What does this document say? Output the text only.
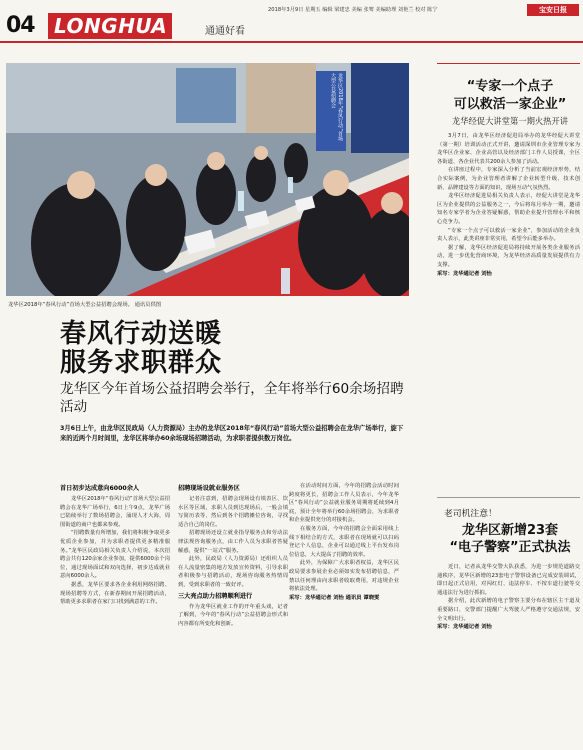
04 LONGHUA	通通好看
2018年3月9日 星期五 编辑 梁建忠 美编 张骞 美编助理 刘艳兰 校对 陈宁	宝安日报
龙华区2018年“春风行动”首场大型公益招聘会
龙华区2018年“春风行动”首场大型公益招聘会现场。 通讯员供图
春风行动送暖
服务求职群众
龙华区今年首场公益招聘会举行，全年将举行60余场招聘活动
3月6日上午，由龙华区民政局（人力资源局）主办的龙华区2018年“春风行动”首场大型公益招聘会在龙华广场举行，旋下来的近两个月时间里，龙华区将举办60余场现场招聘活动，为求职者提供数万岗位。
首日初步达成意向6000余人

龙华区2018年“春风行动”首场大型公益招聘会在龙华广场举行，6日上午9点，龙华广场已陆续举行了数场招聘会，涌现人才大海，周围街道的商户也都来参观。

“招聘数量有所增加，我们将积极争取更多优质企业参加，并为求职者提供更多精准服务。”龙华区民政局相关负责人介绍说，本次招聘会共有120余家企业参加，提供6000余个岗位，通过现场面试和双向选择，初步达成就业意向6000余人。

据悉，龙华区要求各企业利用网络招聘、现场招聘等方式，在新春期间开展招聘活动，帮助更多求职者在家门口找到满意的工作。

招聘现场设就业服务区

记者注意到，招聘会现场设有填表区、饮水区等区域，求职人员到达现场后，一般会填写简历表等，然后到各个招聘摊位咨询，寻找适合自己的岗位。

招聘现场还设立就业指导服务点和劳动法律法规咨询服务点，由工作人员为求职者答疑解惑，提供“一站式”服务。

此外，民政局（人力资源局）还组织人员在人流量密集的地方发放宣传资料，引导求职者积极参与招聘活动，现场咨询服务热情周到，受到求职者的一致好评。

三大亮点助力招聘顺利进行

作为龙华区就业工作的开年重头戏，记者了解到，今年的“春风行动”公益招聘会形式和内容都有所变化和创新。

在活动时间方面，今年的招聘会活动时间跨度将更长，招聘会工作人员表示，今年龙华区“春风行动”公益就业服务周期将延续到4月底，预计全年将举行60余场招聘会，为求职者和企业提供充分的对接机会。

在服务方面，今年的招聘会全面采用线上线下相结合的方式，求职者在现场就可以扫码登记个人信息，企业可以通过线上平台发布岗位信息，大大提高了招聘的效率。

此外，为保障广大求职者权益，龙华区民政局要求参展企业必须如实发布招聘信息，严禁以任何理由向求职者收取费用，对违规企业将依法处理。

采写：龙华通记者 刘怡 通讯员 谭晓雯
“专家一个点子
可以救活一家企业”
龙华经促大讲堂第一期火热开讲

3月7日，由龙华区经济促进局举办的龙华经促大讲堂（第一期）培训活动正式开讲，邀请深圳市企业管理专家为龙华区企业家、企业高管以及经济部门工作人员授课，全区各街道、各企业代表共200余人参加了活动。

在讲座过程中，专家深入分析了当前宏观经济形势，结合实际案例，为企业管理者讲解了企业转型升级、技术创新、品牌建设等方面的知识，现场互动气氛热烈。

龙华区经济促进局相关负责人表示，经促大讲堂是龙华区为企业提供的公益服务之一，今后将每月举办一期，邀请知名专家学者为企业答疑解惑，帮助企业提升管理水平和核心竞争力。

“专家一个点子可以救活一家企业”，参加活动的企业负责人表示，此类讲座非常实用，希望今后能多举办。

据了解，龙华区经济促进局将持续开展各类企业服务活动，进一步优化营商环境，为龙华经济高质量发展提供有力支撑。

采写：龙华通记者 刘怡
老司机注意！
龙华区新增23套
“电子警察”正式执法

近日，记者从龙华交警大队获悉，为进一步规范道路交通秩序，龙华区新增的23套电子警察设备已完成安装调试，即日起正式启用，对闯红灯、违法停车、不按车道行驶等交通违法行为进行抓拍。

据介绍，此次新增的电子警察主要分布在辖区主干道及重要路口，交警部门提醒广大驾驶人严格遵守交通法规，安全文明出行。

采写：龙华通记者 刘怡
